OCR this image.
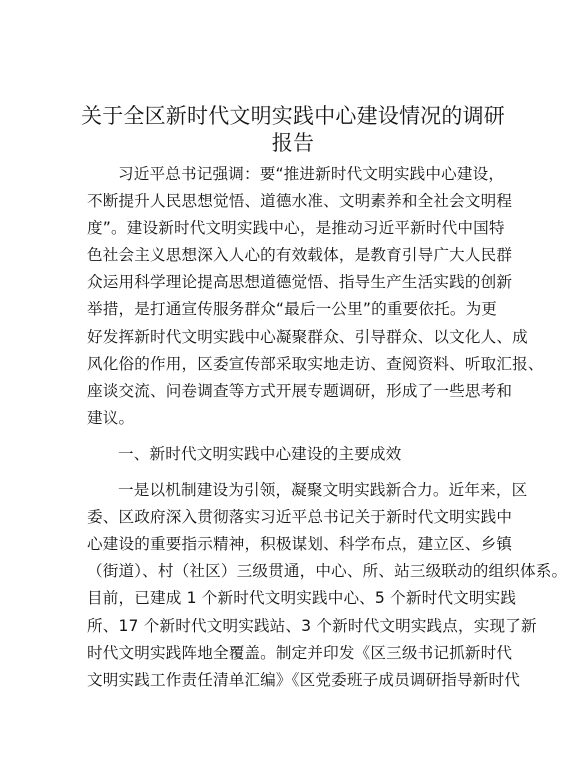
关于全区新时代文明实践中心建设情况的调研
报告
习近平总书记强调：要“推进新时代文明实践中心建设，
不断提升人民思想觉悟、道德水准、文明素养和全社会文明程
度”。建设新时代文明实践中心，是推动习近平新时代中国特
色社会主义思想深入人心的有效载体，是教育引导广大人民群
众运用科学理论提高思想道德觉悟、指导生产生活实践的创新
举措，是打通宣传服务群众“最后一公里”的重要依托。为更
好发挥新时代文明实践中心凝聚群众、引导群众、以文化人、成
风化俗的作用，区委宣传部采取实地走访、查阅资料、听取汇报、
座谈交流、问卷调查等方式开展专题调研，形成了一些思考和
建议。
一、新时代文明实践中心建设的主要成效
一是以机制建设为引领，凝聚文明实践新合力。近年来，区
委、区政府深入贯彻落实习近平总书记关于新时代文明实践中
心建设的重要指示精神，积极谋划、科学布点，建立区、乡镇
（街道）、村（社区）三级贯通，中心、所、站三级联动的组织体系。
目前，已建成 1 个新时代文明实践中心、5 个新时代文明实践
所、17 个新时代文明实践站、3 个新时代文明实践点，实现了新
时代文明实践阵地全覆盖。制定并印发《区三级书记抓新时代
文明实践工作责任清单汇编》《区党委班子成员调研指导新时代
